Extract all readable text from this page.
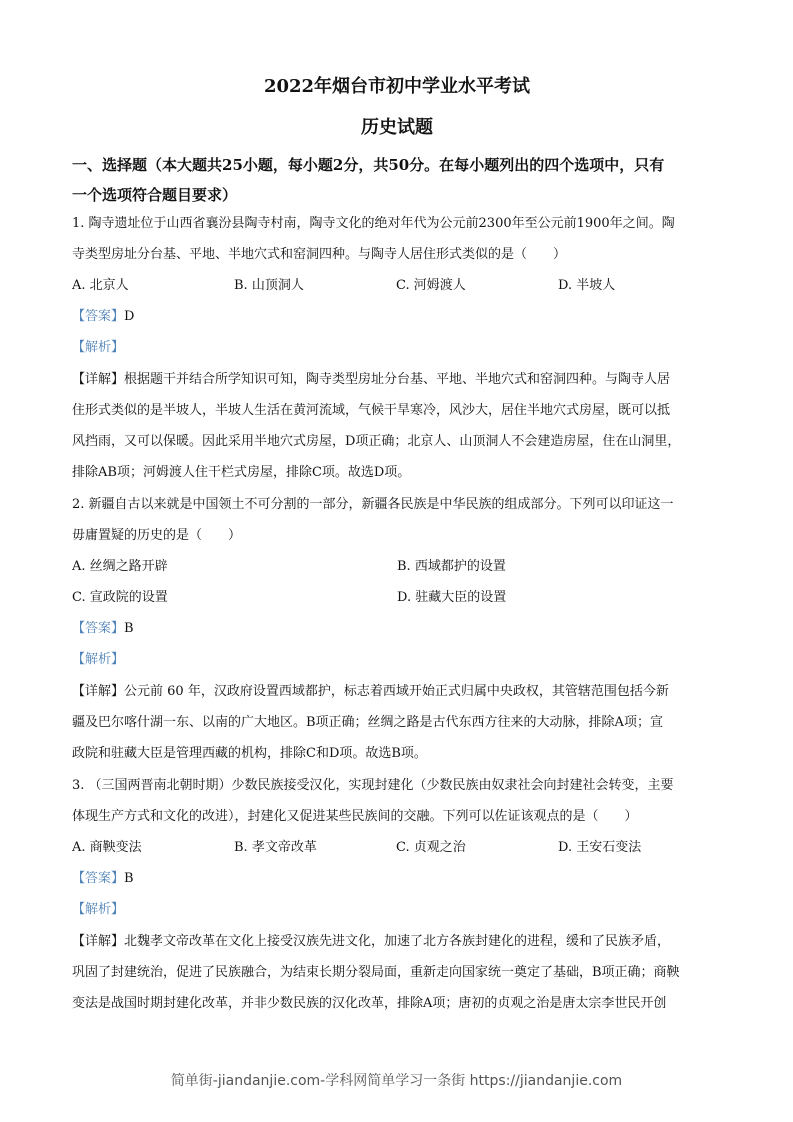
2022年烟台市初中学业水平考试
历史试题
一、选择题（本大题共25小题，每小题2分，共50分。在每小题列出的四个选项中，只有
一个选项符合题目要求）
1. 陶寺遗址位于山西省襄汾县陶寺村南，陶寺文化的绝对年代为公元前2300年至公元前1900年之间。陶
寺类型房址分台基、平地、半地穴式和窑洞四种。与陶寺人居住形式类似的是（　　）
A. 北京人	B. 山顶洞人	C. 河姆渡人	D. 半坡人
【答案】D
【解析】
【详解】根据题干并结合所学知识可知，陶寺类型房址分台基、平地、半地穴式和窑洞四种。与陶寺人居
住形式类似的是半坡人，半坡人生活在黄河流域，气候干旱寒冷，风沙大，居住半地穴式房屋，既可以抵
风挡雨，又可以保暖。因此采用半地穴式房屋，D项正确；北京人、山顶洞人不会建造房屋，住在山洞里，
排除AB项；河姆渡人住干栏式房屋，排除C项。故选D项。
2. 新疆自古以来就是中国领土不可分割的一部分，新疆各民族是中华民族的组成部分。下列可以印证这一
毋庸置疑的历史的是（　　）
A. 丝绸之路开辟	B. 西域都护的设置
C. 宣政院的设置	D. 驻藏大臣的设置
【答案】B
【解析】
【详解】公元前 60 年，汉政府设置西域都护，标志着西域开始正式归属中央政权，其管辖范围包括今新
疆及巴尔喀什湖一东、以南的广大地区。B项正确；丝绸之路是古代东西方往来的大动脉，排除A项；宣
政院和驻藏大臣是管理西藏的机构，排除C和D项。故选B项。
3. （三国两晋南北朝时期）少数民族接受汉化，实现封建化（少数民族由奴隶社会向封建社会转变，主要
体现生产方式和文化的改进），封建化又促进某些民族间的交融。下列可以佐证该观点的是（　　）
A. 商鞅变法	B. 孝文帝改革	C. 贞观之治	D. 王安石变法
【答案】B
【解析】
【详解】北魏孝文帝改革在文化上接受汉族先进文化，加速了北方各族封建化的进程，缓和了民族矛盾，
巩固了封建统治，促进了民族融合，为结束长期分裂局面，重新走向国家统一奠定了基础，B项正确；商鞅
变法是战国时期封建化改革，并非少数民族的汉化改革，排除A项；唐初的贞观之治是唐太宗李世民开创
简单街-jiandanjie.com-学科网简单学习一条街 https://jiandanjie.com
